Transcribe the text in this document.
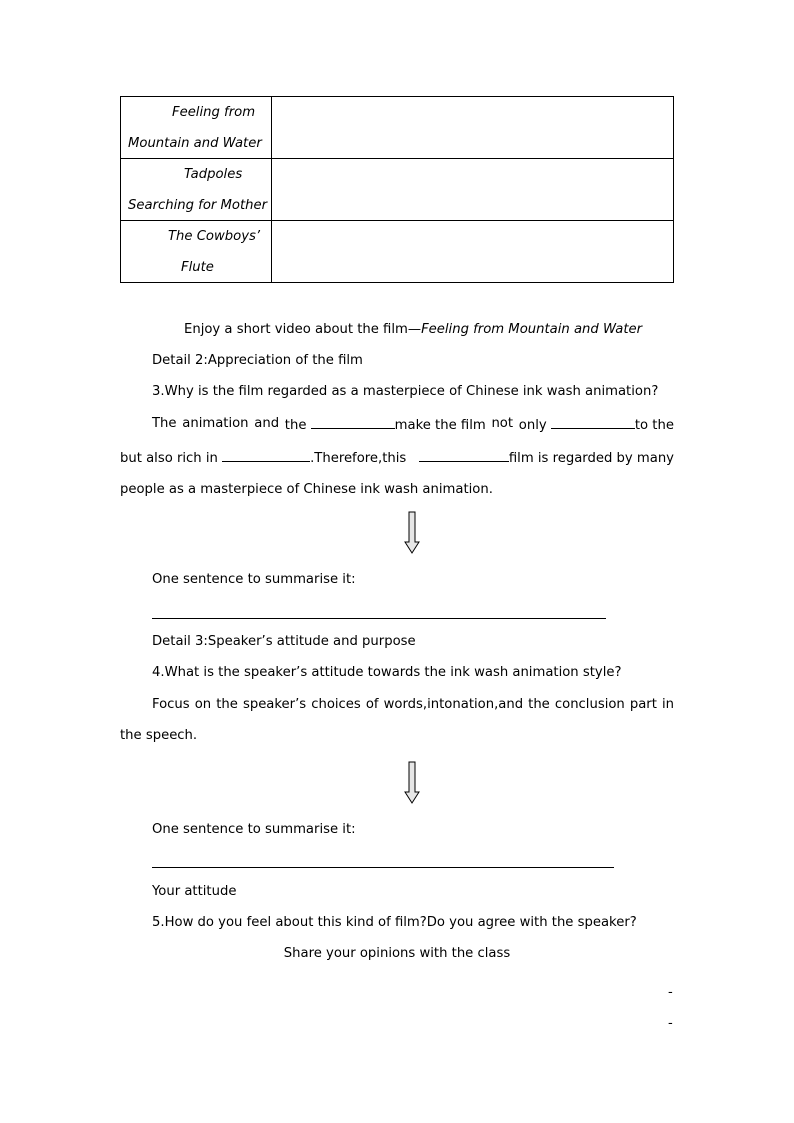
Feeling from
Mountain and Water	

Tadpoles
Searching for Mother	

The Cowboys’
Flute	

Enjoy a short video about the film—Feeling from Mountain and Water
Detail 2:Appreciation of the film
3.Why is the film regarded as a masterpiece of Chinese ink wash animation?
The animation and the	make the film not only	to the
but also rich in	.Therefore,this	film is regarded by many
people as a masterpiece of Chinese ink wash animation.
One sentence to summarise it:
Detail 3:Speaker’s attitude and purpose
4.What is the speaker’s attitude towards the ink wash animation style?
Focus on the speaker’s choices of words,intonation,and the conclusion part in
the speech.
One sentence to summarise it:
Your attitude
5.How do you feel about this kind of film?Do you agree with the speaker?
Share your opinions with the class
-
-
